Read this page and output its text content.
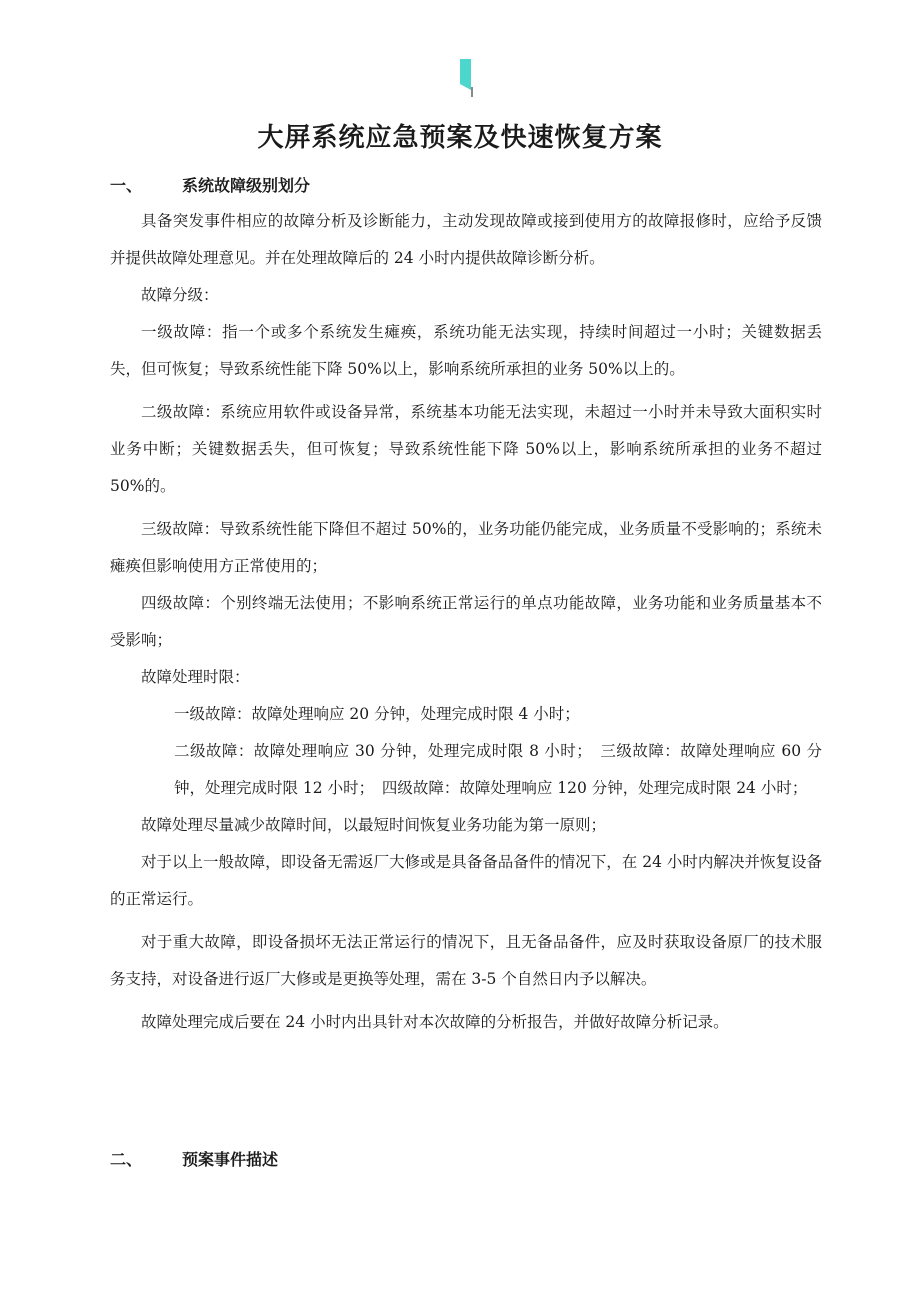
大屏系统应急预案及快速恢复方案
一、 系统故障级别划分

具备突发事件相应的故障分析及诊断能力，主动发现故障或接到使用方的故障报修时，应给予反馈并提供故障处理意见。并在处理故障后的 24 小时内提供故障诊断分析。

故障分级：

一级故障：指一个或多个系统发生瘫痪，系统功能无法实现，持续时间超过一小时；关键数据丢失，但可恢复；导致系统性能下降 50%以上，影响系统所承担的业务 50%以上的。

二级故障：系统应用软件或设备异常，系统基本功能无法实现，未超过一小时并未导致大面积实时业务中断；关键数据丢失，但可恢复；导致系统性能下降 50%以上，影响系统所承担的业务不超过 50%的。

三级故障：导致系统性能下降但不超过 50%的，业务功能仍能完成，业务质量不受影响的；系统未瘫痪但影响使用方正常使用的；

四级故障：个别终端无法使用；不影响系统正常运行的单点功能故障，业务功能和业务质量基本不受影响；

故障处理时限：

一级故障：故障处理响应 20 分钟，处理完成时限 4 小时；

二级故障：故障处理响应 30 分钟，处理完成时限 8 小时；　三级故障：故障处理响应 60 分钟，处理完成时限 12 小时；　四级故障：故障处理响应 120 分钟，处理完成时限 24 小时；

故障处理尽量减少故障时间，以最短时间恢复业务功能为第一原则；

对于以上一般故障，即设备无需返厂大修或是具备备品备件的情况下，在 24 小时内解决并恢复设备的正常运行。

对于重大故障，即设备损坏无法正常运行的情况下，且无备品备件，应及时获取设备原厂的技术服务支持，对设备进行返厂大修或是更换等处理，需在 3-5 个自然日内予以解决。

故障处理完成后要在 24 小时内出具针对本次故障的分析报告，并做好故障分析记录。

二、 预案事件描述
